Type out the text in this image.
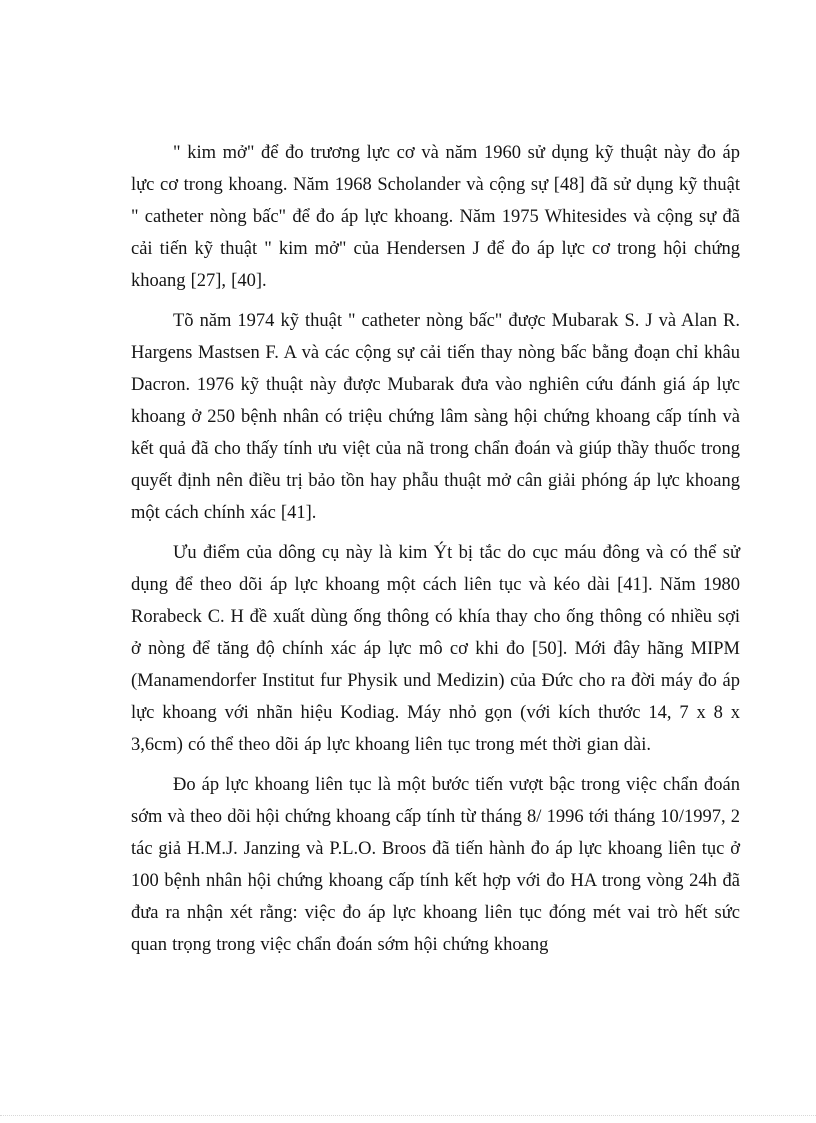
" kim mở" để đo trương lực cơ và năm 1960 sử dụng kỹ thuật này đo áp lực cơ trong khoang. Năm 1968 Scholander và cộng sự [48] đã sử dụng kỹ thuật " catheter nòng bấc" để đo áp lực khoang. Năm 1975 Whitesides và cộng sự đã cải tiến kỹ thuật " kim mở" của Hendersen J để đo áp lực cơ trong hội chứng khoang [27], [40].

Tõ năm 1974 kỹ thuật " catheter nòng bấc" được Mubarak S. J và Alan R. Hargens Mastsen F. A và các cộng sự cải tiến thay nòng bấc bằng đoạn chỉ khâu Dacron. 1976 kỹ thuật này được Mubarak đưa vào nghiên cứu đánh giá áp lực khoang ở 250 bệnh nhân có triệu chứng lâm sàng hội chứng khoang cấp tính và kết quả đã cho thấy tính ưu việt của nã trong chẩn đoán và giúp thầy thuốc trong quyết định nên điều trị bảo tồn hay phẫu thuật mở cân giải phóng áp lực khoang một cách chính xác [41].

Ưu điểm của dông cụ này là kim Ýt bị tắc do cục máu đông và có thể sử dụng để theo dõi áp lực khoang một cách liên tục và kéo dài [41]. Năm 1980 Rorabeck C. H đề xuất dùng ống thông có khía thay cho ống thông có nhiều sợi ở nòng để tăng độ chính xác áp lực mô cơ khi đo [50]. Mới đây hãng MIPM (Manamendorfer Institut fur Physik und Medizin) của Đức cho ra đời máy đo áp lực khoang với nhãn hiệu Kodiag. Máy nhỏ gọn (với kích thước 14, 7 x 8 x 3,6cm) có thể theo dõi áp lực khoang liên tục trong mét thời gian dài.

Đo áp lực khoang liên tục là một bước tiến vượt bậc trong việc chẩn đoán sớm và theo dõi hội chứng khoang cấp tính từ tháng 8/ 1996 tới tháng 10/1997, 2 tác giả H.M.J. Janzing và P.L.O. Broos đã tiến hành đo áp lực khoang liên tục ở 100 bệnh nhân hội chứng khoang cấp tính kết hợp với đo HA trong vòng 24h đã đưa ra nhận xét rằng: việc đo áp lực khoang liên tục đóng mét vai trò hết sức quan trọng trong việc chẩn đoán sớm hội chứng khoang
